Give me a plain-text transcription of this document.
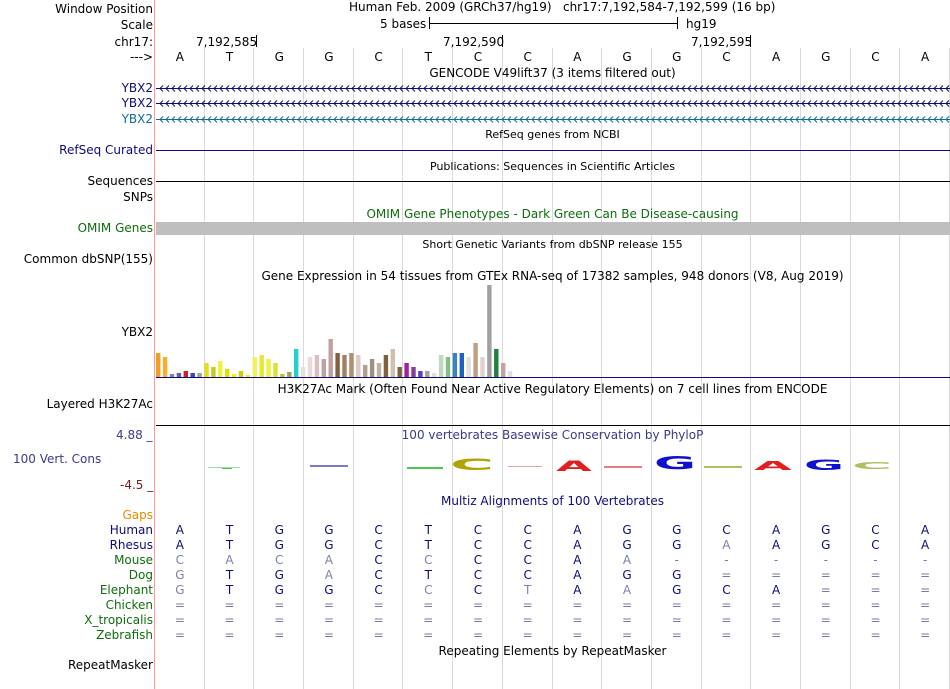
C	A	G	A G C
Window Position	Human Feb. 2009 (GRCh37/hg19) chr17:7,192,584-7,192,599 (16 bp)
Scale	5 bases	hg19
chr17:	7,192,585	7,192,590	7,192,595
---> A	T	G	G	C	T	C	C	A	G	G	C	A	G	C	A
GENCODE V49lift37 (3 items filtered out)
YBX2
YBX2
YBX2
RefSeq genes from NCBI
RefSeq Curated
Publications: Sequences in Scientific Articles
Sequences
SNPs
OMIM Gene Phenotypes - Dark Green Can Be Disease-causing
OMIM Genes
Short Genetic Variants from dbSNP release 155
Common dbSNP(155)
Gene Expression in 54 tissues from GTEx RNA-seq of 17382 samples, 948 donors (V8, Aug 2019)
YBX2
H3K27Ac Mark (Often Found Near Active Regulatory Elements) on 7 cell lines from ENCODE
Layered H3K27Ac
100 vertebrates Basewise Conservation by PhyloP
4.88 _
100 Vert. Cons
-4.5 _
Multiz Alignments of 100 Vertebrates
Gaps
Human A	T	G	G	C	T	C	C	A	G	G	C	A	G	C	A
Rhesus A	T	G	G	C	T	C	C	A	G	G	A	A	G	C	A
Mouse C	A	C	A	C	C	C	C	A	A	-	-	-	-	-	-
Dog G	T	G	A	C	T	C	C	A	G	G	=	=	=	=	=
Elephant G	T	G	G	C	C	C	T	A	A	G	C	A	=	=	=
Chicken =	=	=	=	=	=	=	=	=	=	=	=	=	=	=	=
X_tropicalis =	=	=	=	=	=	=	=	=	=	=	=	=	=	=	=
Zebrafish =	=	=	=	=	=	=	=	=	=	=	=	=	=	=	=
Repeating Elements by RepeatMasker
RepeatMasker
